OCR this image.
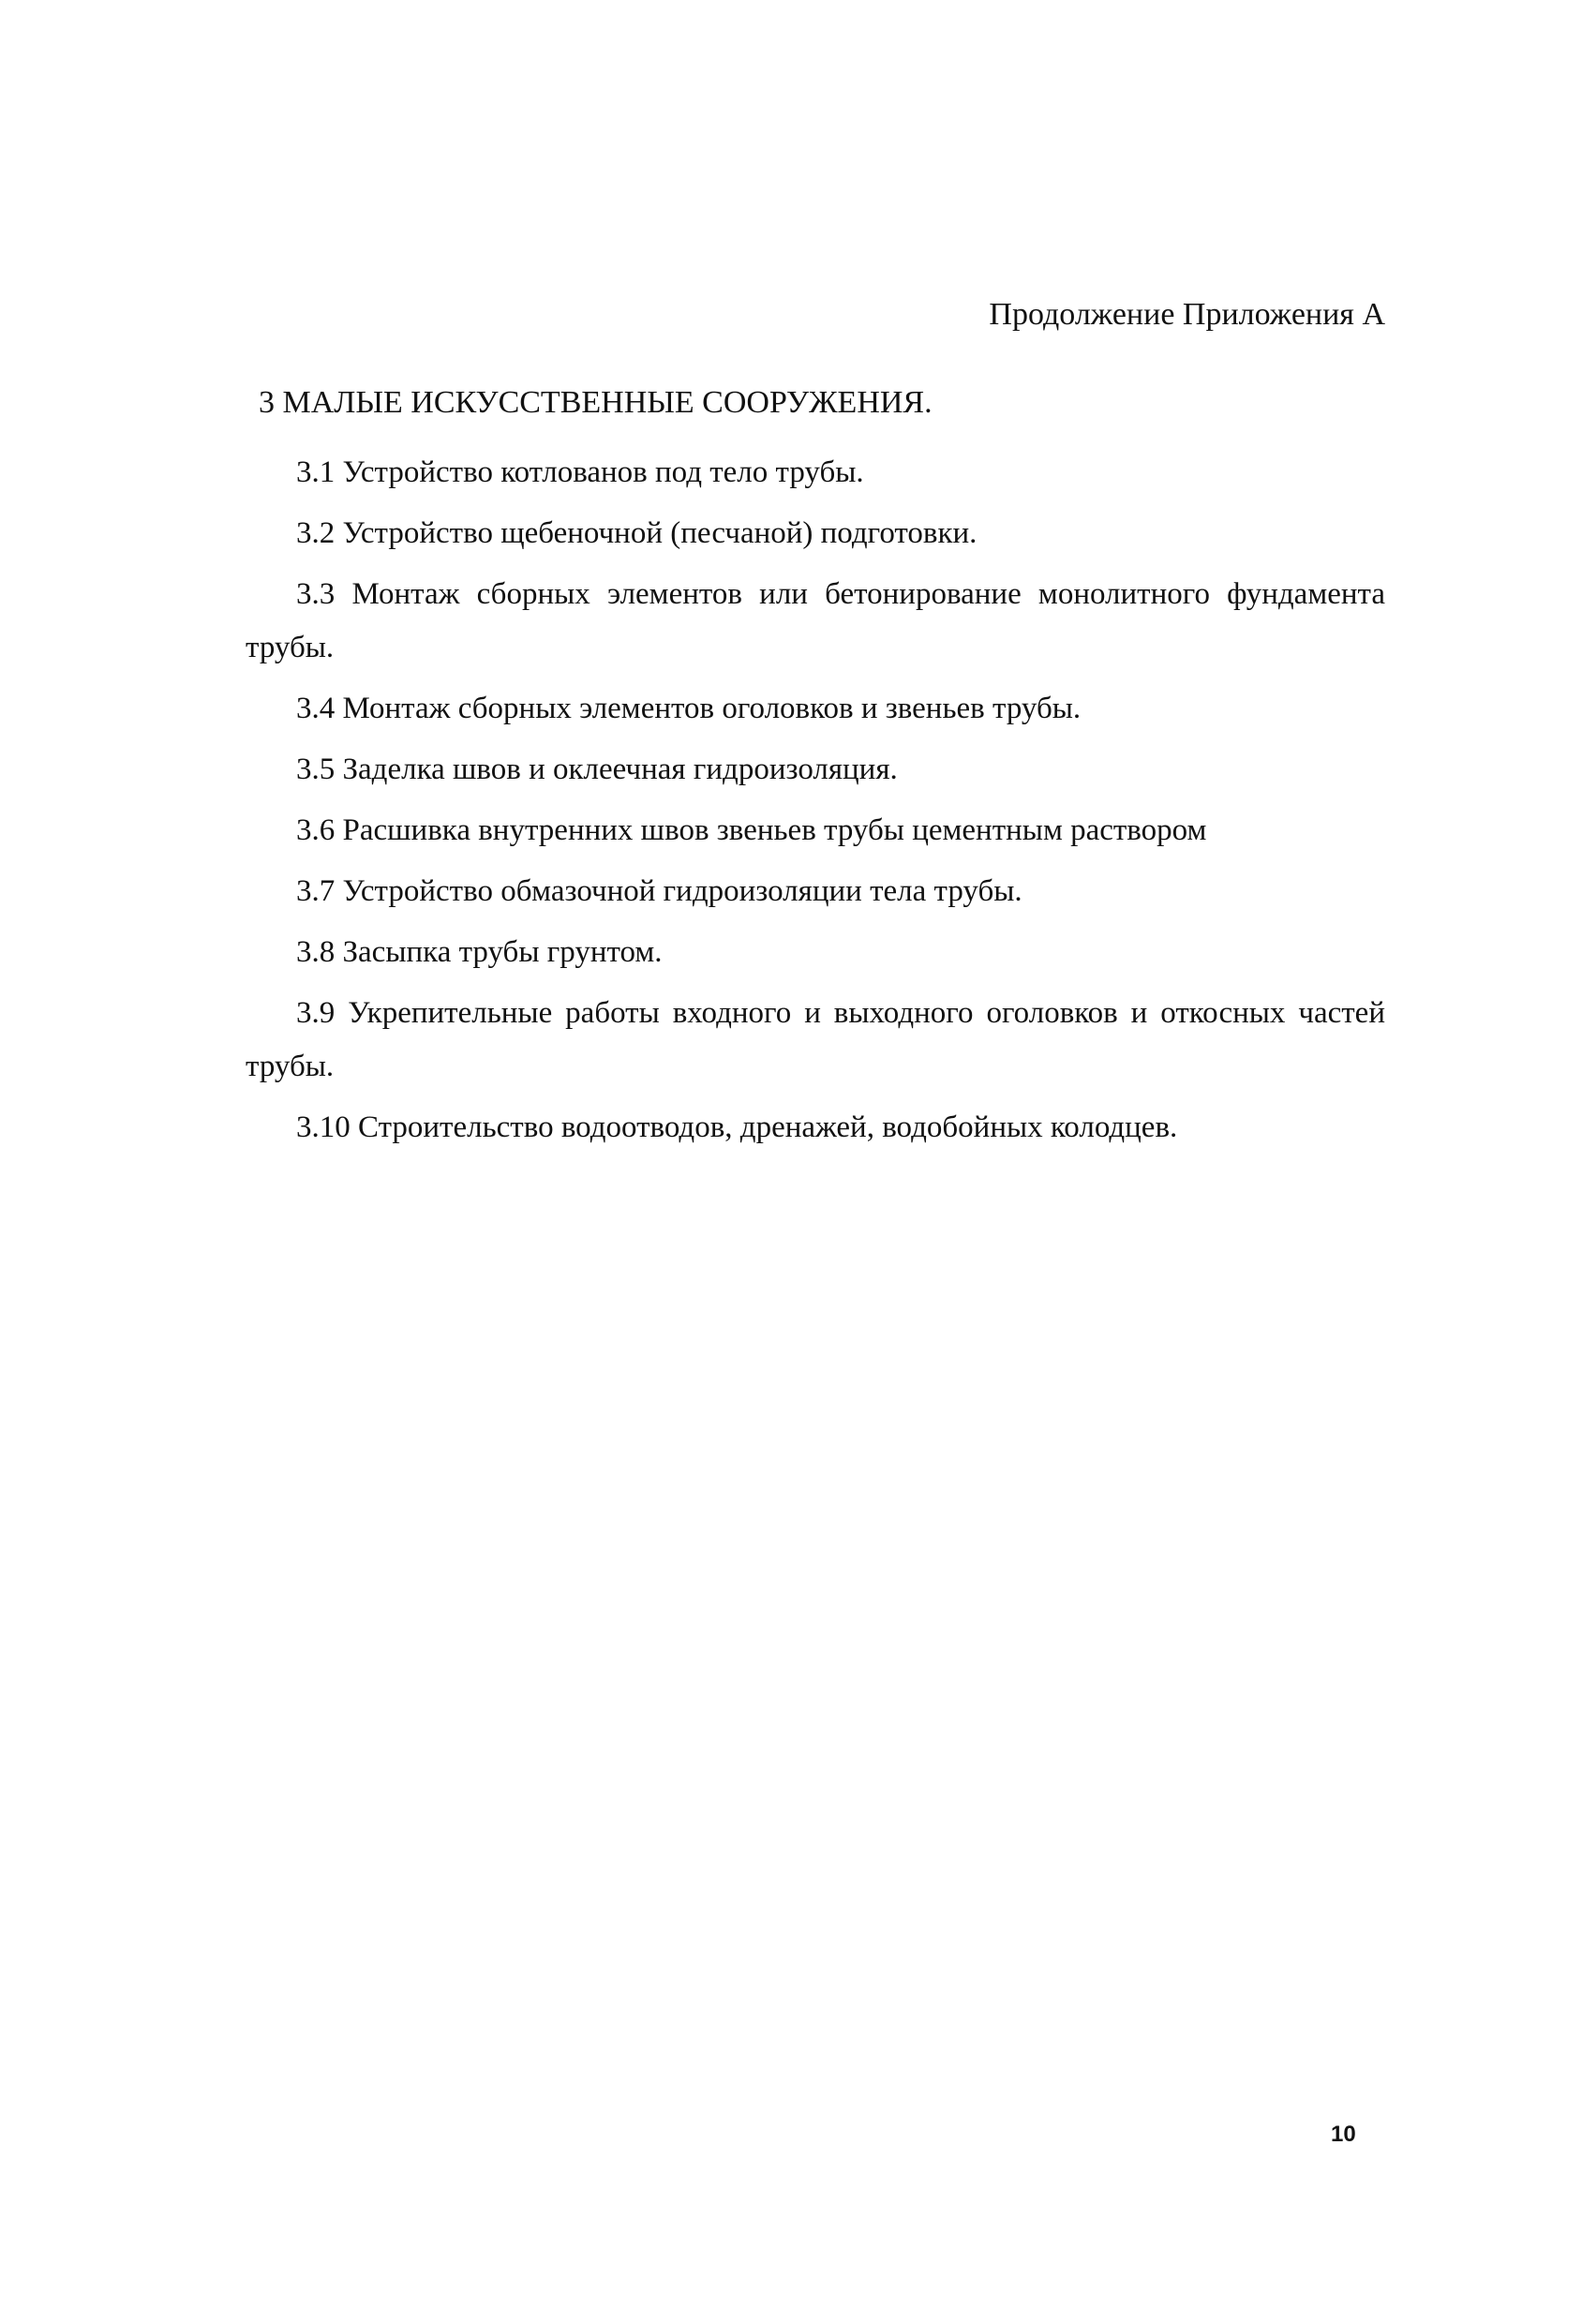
Продолжение Приложения А
3 МАЛЫЕ ИСКУССТВЕННЫЕ СООРУЖЕНИЯ.

3.1 Устройство котлованов под тело трубы.

3.2 Устройство щебеночной (песчаной) подготовки.

3.3 Монтаж сборных элементов или бетонирование монолитного фундамента трубы.

3.4 Монтаж сборных элементов оголовков и звеньев трубы.

3.5 Заделка швов и оклеечная гидроизоляция.

3.6 Расшивка внутренних швов звеньев трубы цементным раствором

3.7 Устройство обмазочной гидроизоляции тела трубы.

3.8 Засыпка трубы грунтом.

3.9 Укрепительные работы входного и выходного оголовков и откосных частей трубы.

3.10 Строительство водоотводов, дренажей, водобойных колодцев.

10
